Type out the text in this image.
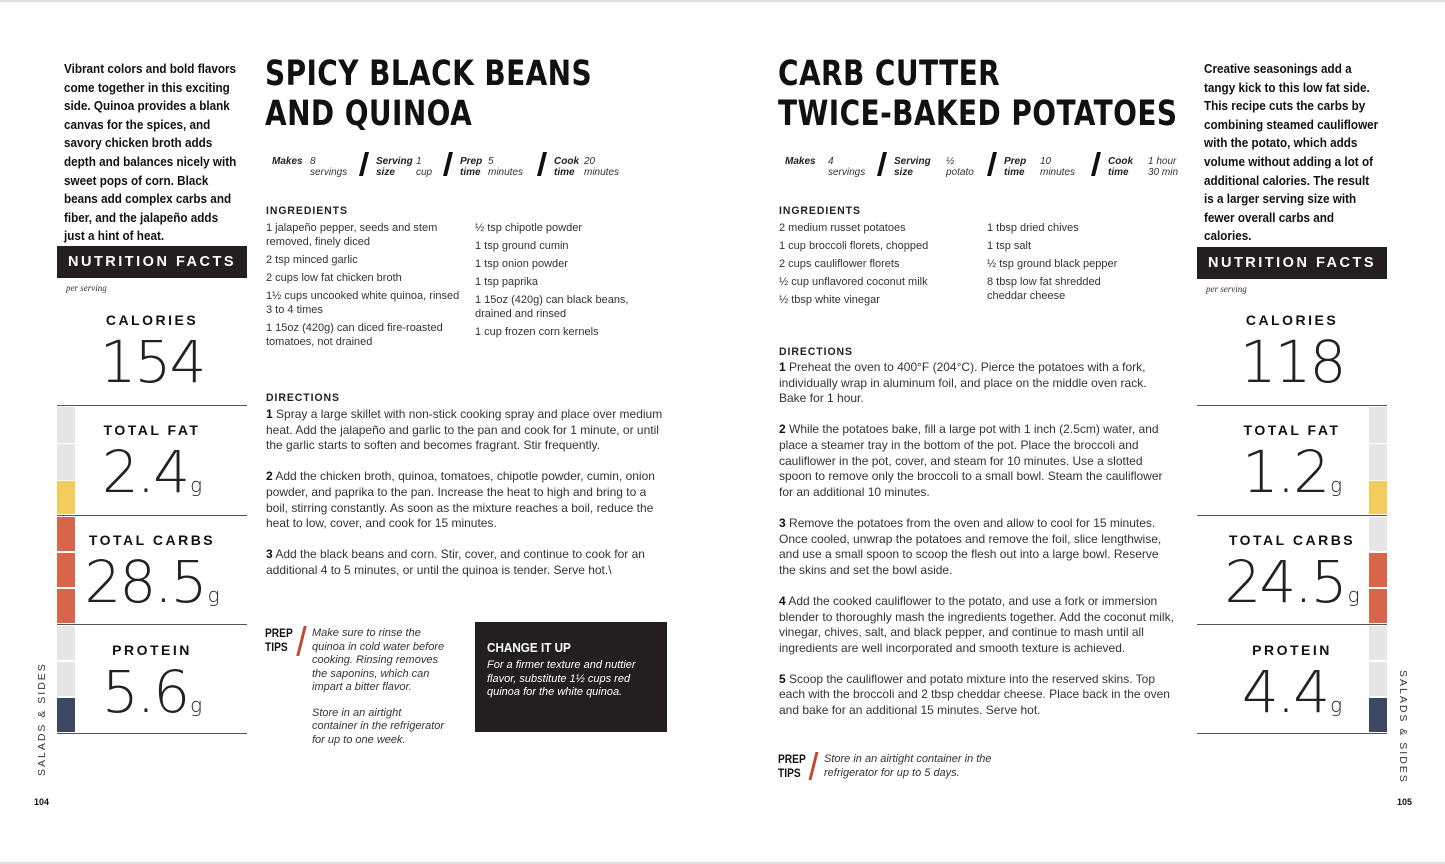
Vibrant colors and bold flavors come together in this exciting side. Quinoa provides a blank canvas for the spices, and savory chicken broth adds depth and balances nicely with sweet pops of corn. Black beans add complex carbs and fiber, and the jalapeño adds just a hint of heat.
SPICY BLACK BEANS
AND QUINOA
Makes 8 servings
Serving size
1 cup
Prep time
5 minutes
Cook time
20 minutes
INGREDIENTS
1 jalapeño pepper, seeds and stem removed, finely diced
2 tsp minced garlic
2 cups low fat chicken broth
1½ cups uncooked white quinoa, rinsed 3 to 4 times
1 15oz (420g) can diced fire-roasted tomatoes, not drained
½ tsp chipotle powder
1 tsp ground cumin
1 tsp onion powder
1 tsp paprika
1 15oz (420g) can black beans, drained and rinsed
1 cup frozen corn kernels
DIRECTIONS
1 Spray a large skillet with non-stick cooking spray and place over medium heat. Add the jalapeño and garlic to the pan and cook for 1 minute, or until the garlic starts to soften and becomes fragrant. Stir frequently.
2 Add the chicken broth, quinoa, tomatoes, chipotle powder, cumin, onion powder, and paprika to the pan. Increase the heat to high and bring to a boil, stirring constantly. As soon as the mixture reaches a boil, reduce the heat to low, cover, and cook for 15 minutes.
3 Add the black beans and corn. Stir, cover, and continue to cook for an additional 4 to 5 minutes, or until the quinoa is tender. Serve hot.\
PREP
TIPS
Make sure to rinse the quinoa in cold water before cooking. Rinsing removes the saponins, which can impart a bitter flavor.
Store in an airtight container in the refrigerator for up to one week.
CHANGE IT UP
For a firmer texture and nuttier flavor, substitute 1½ cups red quinoa for the white quinoa.
NUTRITION FACTS
per serving
CALORIES
154
TOTAL FAT
2.4 g
TOTAL CARBS
28.5 g
PROTEIN
5.6 g
SALADS & SIDES
104
CARB CUTTER
TWICE-BAKED POTATOES
Makes	4 servings
Serving size
½ potato
Prep time
10 minutes
Cook time
1 hour 30 min
INGREDIENTS
2 medium russet potatoes
1 cup broccoli florets, chopped
2 cups cauliflower florets
½ cup unflavored coconut milk
½ tbsp white vinegar
1 tbsp dried chives
1 tsp salt
½ tsp ground black pepper
8 tbsp low fat shredded cheddar cheese
DIRECTIONS
1 Preheat the oven to 400°F (204°C). Pierce the potatoes with a fork, individually wrap in aluminum foil, and place on the middle oven rack. Bake for 1 hour.
2 While the potatoes bake, fill a large pot with 1 inch (2.5cm) water, and place a steamer tray in the bottom of the pot. Place the broccoli and cauliflower in the pot, cover, and steam for 10 minutes. Use a slotted spoon to remove only the broccoli to a small bowl. Steam the cauliflower for an additional 10 minutes.
3 Remove the potatoes from the oven and allow to cool for 15 minutes. Once cooled, unwrap the potatoes and remove the foil, slice lengthwise, and use a small spoon to scoop the flesh out into a large bowl. Reserve the skins and set the bowl aside.
4 Add the cooked cauliflower to the potato, and use a fork or immersion blender to thoroughly mash the ingredients together. Add the coconut milk, vinegar, chives, salt, and black pepper, and continue to mash until all ingredients are well incorporated and smooth texture is achieved.
5 Scoop the cauliflower and potato mixture into the reserved skins. Top each with the broccoli and 2 tbsp cheddar cheese. Place back in the oven and bake for an additional 15 minutes. Serve hot.
PREP
TIPS
Store in an airtight container in the refrigerator for up to 5 days.
Creative seasonings add a tangy kick to this low fat side. This recipe cuts the carbs by combining steamed cauliflower with the potato, which adds volume without adding a lot of additional calories. The result is a larger serving size with fewer overall carbs and calories.
NUTRITION FACTS
per serving
CALORIES
118
TOTAL FAT
1.2 g
TOTAL CARBS
24.5 g
PROTEIN
4.4 g	SALADS & SIDES
105
